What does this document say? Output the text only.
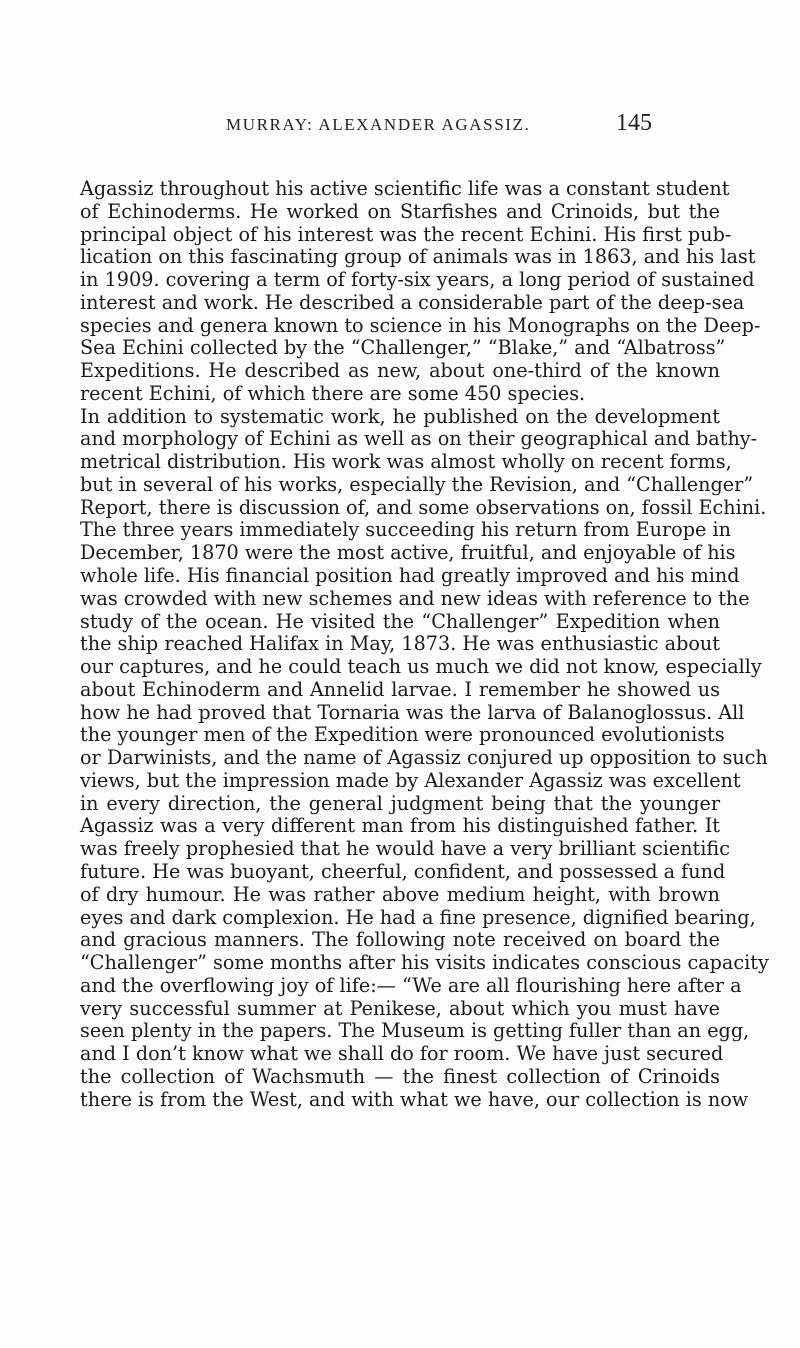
MURRAY: ALEXANDER AGASSIZ.	145
Agassiz throughout his active scientific life was a constant student
of Echinoderms. He worked on Starfishes and Crinoids, but the
principal object of his interest was the recent Echini. His first pub-
lication on this fascinating group of animals was in 1863, and his last
in 1909. covering a term of forty-six years, a long period of sustained
interest and work. He described a considerable part of the deep-sea
species and genera known to science in his Monographs on the Deep-
Sea Echini collected by the “Challenger,” “Blake,” and “Albatross”
Expeditions. He described as new, about one-third of the known
recent Echini, of which there are some 450 species.
In addition to systematic work, he published on the development
and morphology of Echini as well as on their geographical and bathy-
metrical distribution. His work was almost wholly on recent forms,
but in several of his works, especially the Revision, and “Challenger”
Report, there is discussion of, and some observations on, fossil Echini.
The three years immediately succeeding his return from Europe in
December, 1870 were the most active, fruitful, and enjoyable of his
whole life. His financial position had greatly improved and his mind
was crowded with new schemes and new ideas with reference to the
study of the ocean. He visited the “Challenger” Expedition when
the ship reached Halifax in May, 1873. He was enthusiastic about
our captures, and he could teach us much we did not know, especially
about Echinoderm and Annelid larvae. I remember he showed us
how he had proved that Tornaria was the larva of Balanoglossus. All
the younger men of the Expedition were pronounced evolutionists
or Darwinists, and the name of Agassiz conjured up opposition to such
views, but the impression made by Alexander Agassiz was excellent
in every direction, the general judgment being that the younger
Agassiz was a very different man from his distinguished father. It
was freely prophesied that he would have a very brilliant scientific
future. He was buoyant, cheerful, confident, and possessed a fund
of dry humour. He was rather above medium height, with brown
eyes and dark complexion. He had a fine presence, dignified bearing,
and gracious manners. The following note received on board the
“Challenger” some months after his visits indicates conscious capacity
and the overflowing joy of life:— “We are all flourishing here after a
very successful summer at Penikese, about which you must have
seen plenty in the papers. The Museum is getting fuller than an egg,
and I don’t know what we shall do for room. We have just secured
the collection of Wachsmuth — the finest collection of Crinoids
there is from the West, and with what we have, our collection is now
